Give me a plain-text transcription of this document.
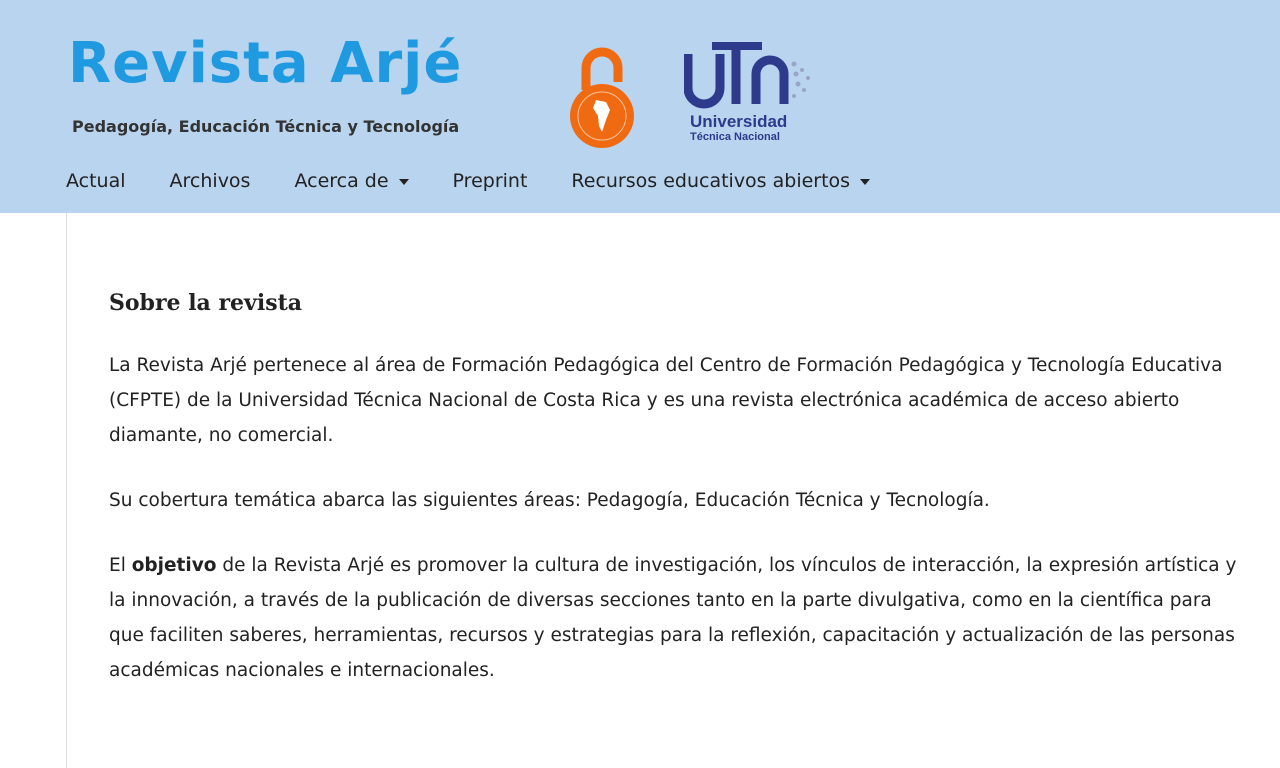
Revista Arjé
Pedagogía, Educación Técnica y Tecnología	Universidad
Técnica Nacional
Actual Archivos Acerca de	Preprint Recursos educativos abiertos
Sobre la revista

La Revista Arjé pertenece al área de Formación Pedagógica del Centro de Formación Pedagógica y Tecnología Educativa (CFPTE) de la Universidad Técnica Nacional de Costa Rica y es una revista electrónica académica de acceso abierto diamante, no comercial.

Su cobertura temática abarca las siguientes áreas: Pedagogía, Educación Técnica y Tecnología.

El objetivo de la Revista Arjé es promover la cultura de investigación, los vínculos de interacción, la expresión artística y la innovación, a través de la publicación de diversas secciones tanto en la parte divulgativa, como en la científica para que faciliten saberes, herramientas, recursos y estrategias para la reflexión, capacitación y actualización de las personas académicas nacionales e internacionales.
